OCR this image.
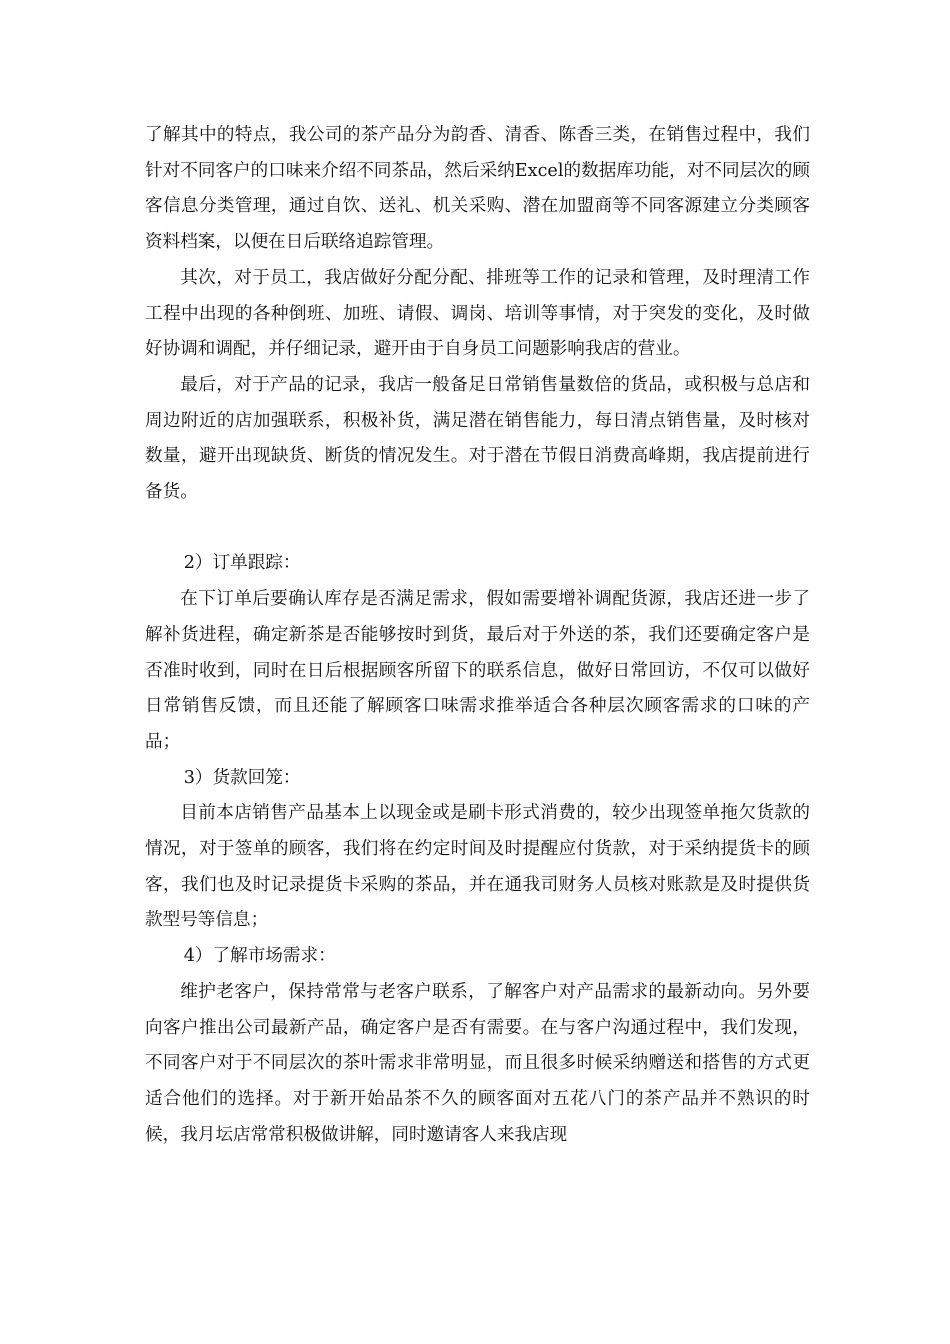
了解其中的特点，我公司的茶产品分为韵香、清香、陈香三类，在销售过程中，我们针对不同客户的口味来介绍不同茶品，然后采纳Excel的数据库功能，对不同层次的顾客信息分类管理，通过自饮、送礼、机关采购、潜在加盟商等不同客源建立分类顾客资料档案，以便在日后联络追踪管理。

其次，对于员工，我店做好分配分配、排班等工作的记录和管理，及时理清工作工程中出现的各种倒班、加班、请假、调岗、培训等事情，对于突发的变化，及时做好协调和调配，并仔细记录，避开由于自身员工问题影响我店的营业。

最后，对于产品的记录，我店一般备足日常销售量数倍的货品，或积极与总店和周边附近的店加强联系，积极补货，满足潜在销售能力，每日清点销售量，及时核对数量，避开出现缺货、断货的情况发生。对于潜在节假日消费高峰期，我店提前进行备货。

2）订单跟踪：

在下订单后要确认库存是否满足需求，假如需要增补调配货源，我店还进一步了解补货进程，确定新茶是否能够按时到货，最后对于外送的茶，我们还要确定客户是否准时收到，同时在日后根据顾客所留下的联系信息，做好日常回访，不仅可以做好日常销售反馈，而且还能了解顾客口味需求推举适合各种层次顾客需求的口味的产品；

3）货款回笼：

目前本店销售产品基本上以现金或是刷卡形式消费的，较少出现签单拖欠货款的情况，对于签单的顾客，我们将在约定时间及时提醒应付货款，对于采纳提货卡的顾客，我们也及时记录提货卡采购的茶品，并在通我司财务人员核对账款是及时提供货款型号等信息；

4）了解市场需求：

维护老客户，保持常常与老客户联系，了解客户对产品需求的最新动向。另外要向客户推出公司最新产品，确定客户是否有需要。在与客户沟通过程中，我们发现，不同客户对于不同层次的茶叶需求非常明显，而且很多时候采纳赠送和搭售的方式更适合他们的选择。对于新开始品茶不久的顾客面对五花八门的茶产品并不熟识的时候，我月坛店常常积极做讲解，同时邀请客人来我店现
